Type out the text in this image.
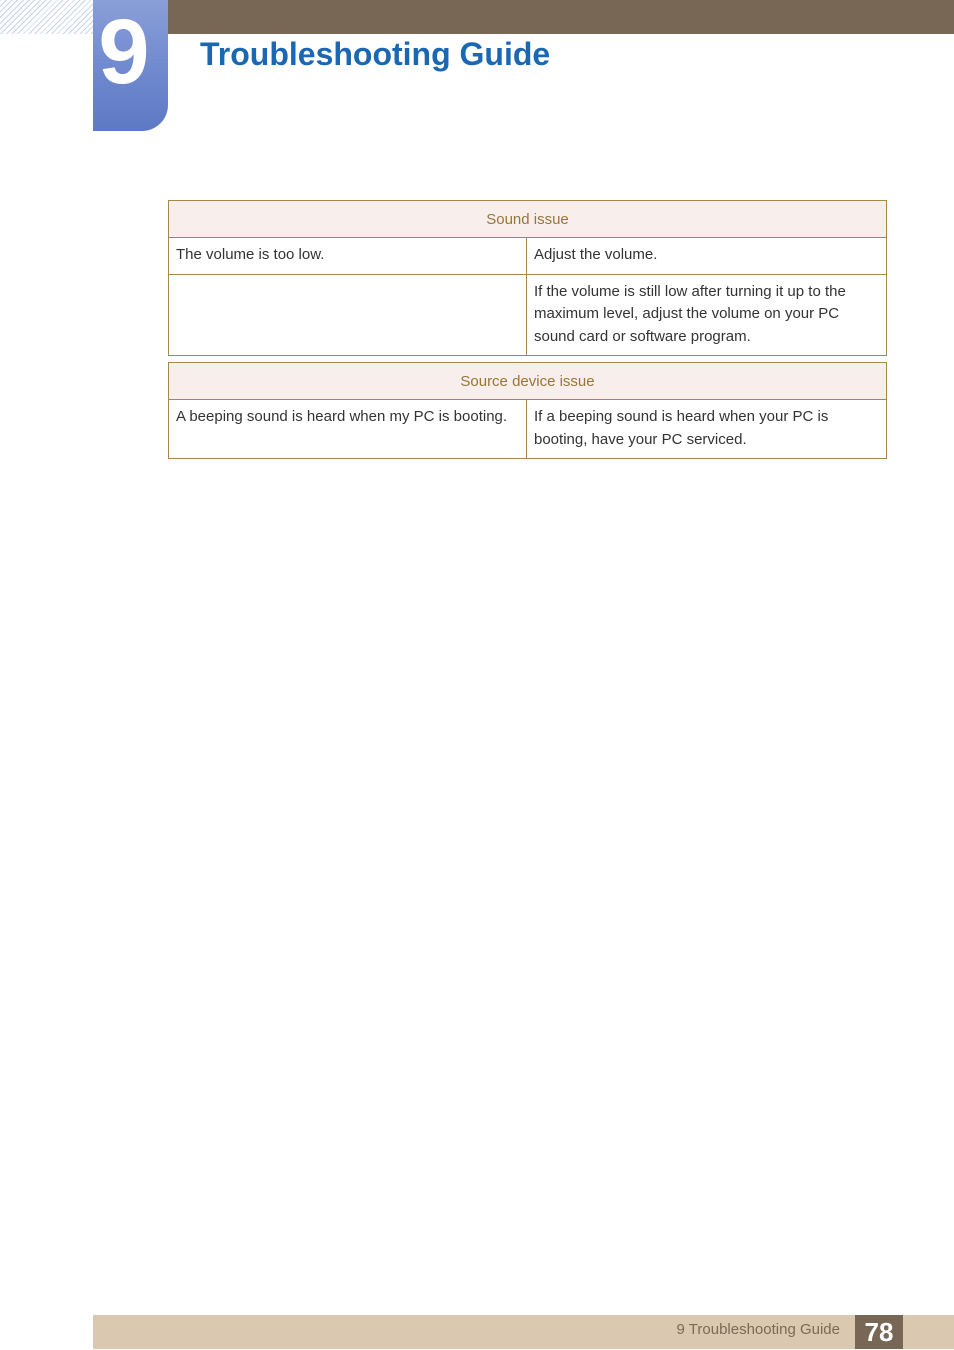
9 Troubleshooting Guide
Sound issue	
The volume is too low.	Adjust the volume.
	If the volume is still low after turning it up to the maximum level, adjust the volume on your PC sound card or software program.
Source device issue
A beeping sound is heard when my PC is booting.	If a beeping sound is heard when your PC is booting, have your PC serviced.
9 Troubleshooting Guide 78
